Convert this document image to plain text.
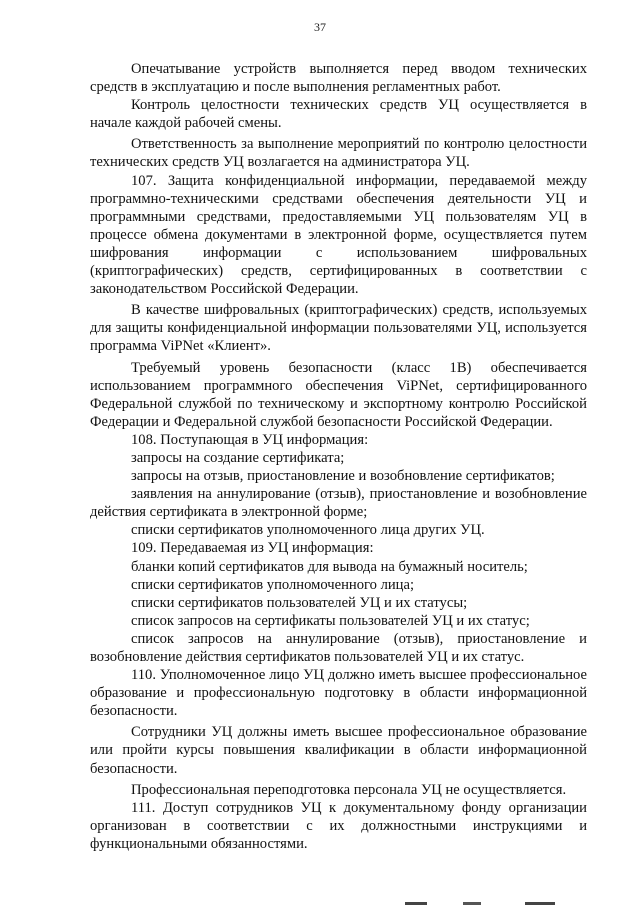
37

Опечатывание устройств выполняется перед вводом технических средств в эксплуатацию и после выполнения регламентных работ.

Контроль целостности технических средств УЦ осуществляется в начале каждой рабочей смены.

Ответственность за выполнение мероприятий по контролю целостности технических средств УЦ возлагается на администратора УЦ.

107. Защита конфиденциальной информации, передаваемой между программно-техническими средствами обеспечения деятельности УЦ и программными средствами, предоставляемыми УЦ пользователям УЦ в процессе обмена документами в электронной форме, осуществляется путем шифрования информации с использованием шифровальных (криптографических) средств, сертифицированных в соответствии с законодательством Российской Федерации.

В качестве шифровальных (криптографических) средств, используемых для защиты конфиденциальной информации пользователями УЦ, используется программа ViPNet «Клиент».

Требуемый уровень безопасности (класс 1В) обеспечивается использованием программного обеспечения ViPNet, сертифицированного Федеральной службой по техническому и экспортному контролю Российской Федерации и Федеральной службой безопасности Российской Федерации.

108. Поступающая в УЦ информация:

запросы на создание сертификата;

запросы на отзыв, приостановление и возобновление сертификатов;

заявления на аннулирование (отзыв), приостановление и возобновление действия сертификата в электронной форме;

списки сертификатов уполномоченного лица других УЦ.

109. Передаваемая из УЦ информация:

бланки копий сертификатов для вывода на бумажный носитель;

списки сертификатов уполномоченного лица;

списки сертификатов пользователей УЦ и их статусы;

список запросов на сертификаты пользователей УЦ и их статус;

список запросов на аннулирование (отзыв), приостановление и возобновление действия сертификатов пользователей УЦ и их статус.

110. Уполномоченное лицо УЦ должно иметь высшее профессиональное образование и профессиональную подготовку в области информационной безопасности.

Сотрудники УЦ должны иметь высшее профессиональное образование или пройти курсы повышения квалификации в области информационной безопасности.

Профессиональная переподготовка персонала УЦ не осуществляется.

111. Доступ сотрудников УЦ к документальному фонду организации организован в соответствии с их должностными инструкциями и функциональными обязанностями.
